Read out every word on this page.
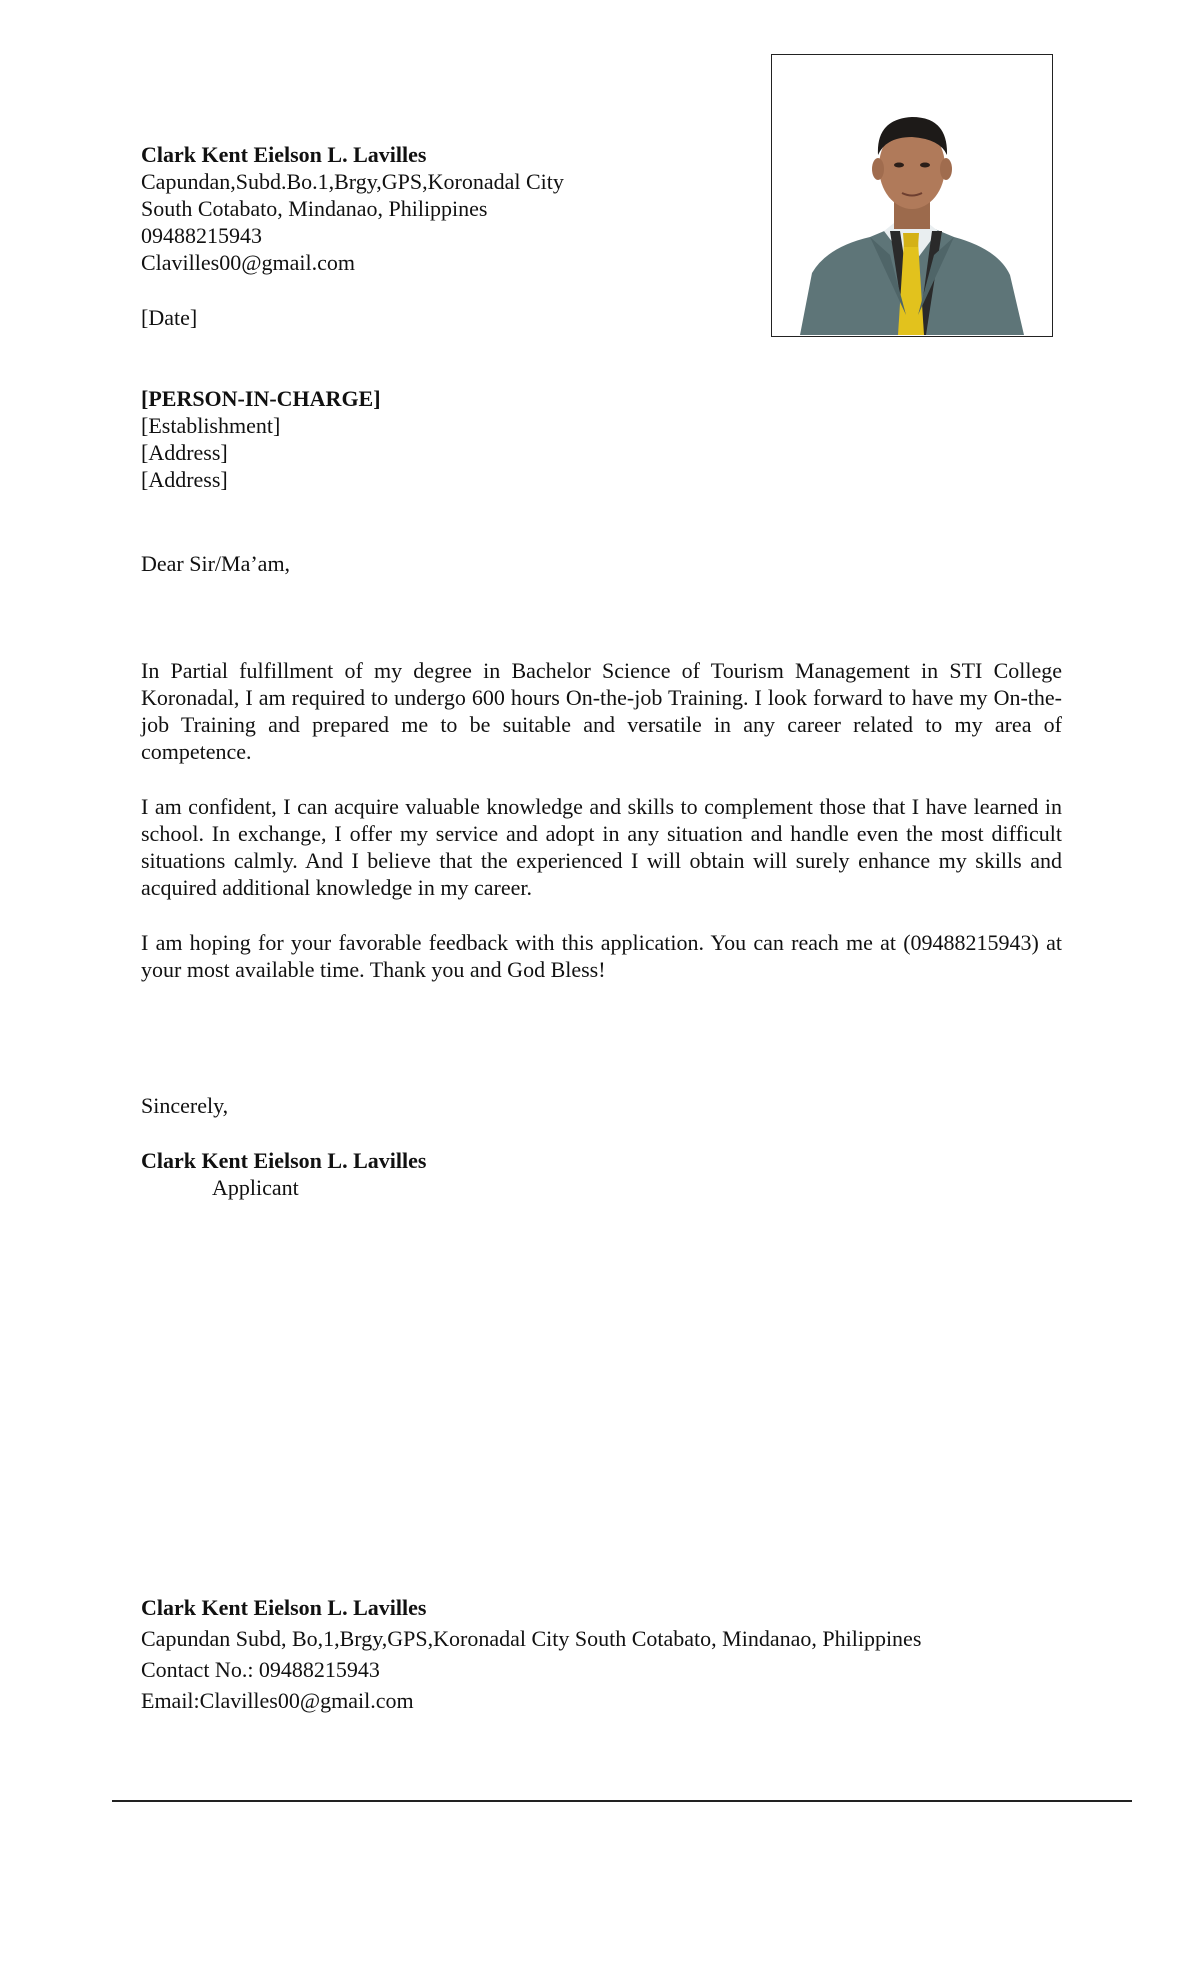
Clark Kent Eielson L. Lavilles
Capundan,Subd.Bo.1,Brgy,GPS,Koronadal City
South Cotabato, Mindanao, Philippines
09488215943
Clavilles00@gmail.com
[Date]
[PERSON-IN-CHARGE]
[Establishment]
[Address]
[Address]
Dear Sir/Ma’am,

In Partial fulfillment of my degree in Bachelor Science of Tourism Management in STI College Koronadal, I am required to undergo 600 hours On-the-job Training. I look forward to have my On-the-job Training and prepared me to be suitable and versatile in any career related to my area of competence.

I am confident, I can acquire valuable knowledge and skills to complement those that I have learned in school. In exchange, I offer my service and adopt in any situation and handle even the most difficult situations calmly. And I believe that the experienced I will obtain will surely enhance my skills and acquired additional knowledge in my career.

I am hoping for your favorable feedback with this application. You can reach me at (09488215943) at your most available time. Thank you and God Bless!

Sincerely,
Clark Kent Eielson L. Lavilles
Applicant
Clark Kent Eielson L. Lavilles
Capundan Subd, Bo,1,Brgy,GPS,Koronadal City South Cotabato, Mindanao, Philippines
Contact No.: 09488215943
Email:Clavilles00@gmail.com
